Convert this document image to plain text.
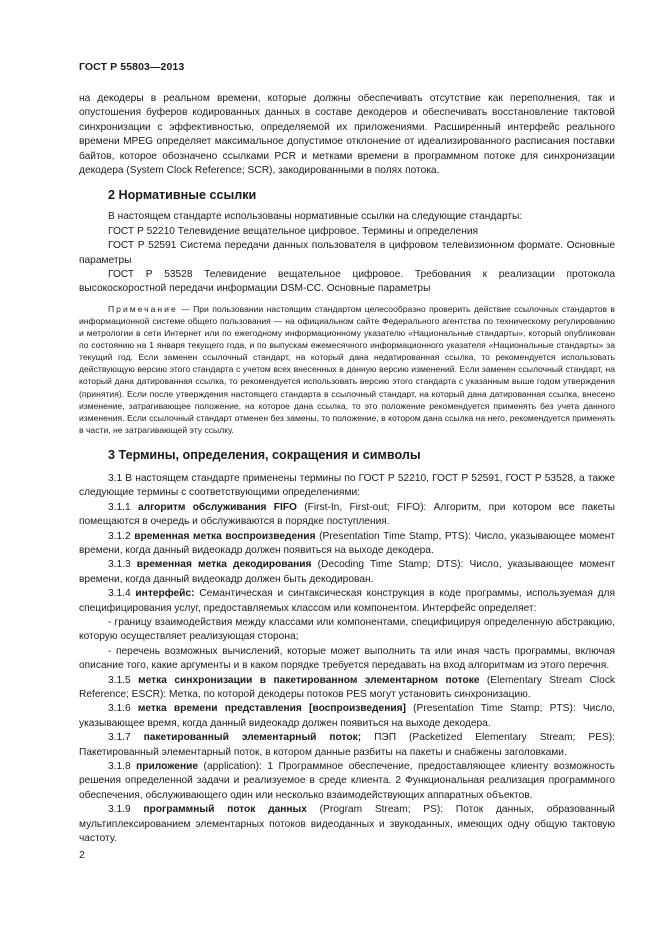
ГОСТ Р 55803—2013

на декодеры в реальном времени, которые должны обеспечивать отсутствие как переполнения, так и опустошения буферов кодированных данных в составе декодеров и обеспечивать восстановление тактовой синхронизации с эффективностью, определяемой их приложениями. Расширенный интерфейс реального времени MPEG определяет максимальное допустимое отклонение от идеализированного расписания поставки байтов, которое обозначено ссылками PCR и метками времени в программном потоке для синхронизации декодера (System Clock Reference; SCR), закодированными в полях потока.

2 Нормативные ссылки

В настоящем стандарте использованы нормативные ссылки на следующие стандарты:

ГОСТ Р 52210 Телевидение вещательное цифровое. Термины и определения

ГОСТ Р 52591 Система передачи данных пользователя в цифровом телевизионном формате. Основные параметры

ГОСТ Р 53528 Телевидение вещательное цифровое. Требования к реализации протокола высокоскоростной передачи информации DSM-CC. Основные параметры

Примечание — При пользовании настоящим стандартом целесообразно проверить действие ссылочных стандартов в информационной системе общего пользования — на официальном сайте Федерального агентства по техническому регулированию и метрологии в сети Интернет или по ежегодному информационному указателю «Национальные стандарты», который опубликован по состоянию на 1 января текущего года, и по выпускам ежемесячного информационного указателя «Национальные стандарты» за текущий год. Если заменен ссылочный стандарт, на который дана недатированная ссылка, то рекомендуется использовать действующую версию этого стандарта с учетом всех внесенных в данную версию изменений. Если заменен ссылочный стандарт, на который дана датированная ссылка, то рекомендуется использовать версию этого стандарта с указанным выше годом утверждения (принятия). Если после утверждения настоящего стандарта в ссылочный стандарт, на который дана датированная ссылка, внесено изменение, затрагивающее положение, на которое дана ссылка, то это положение рекомендуется применять без учета данного изменения. Если ссылочный стандарт отменен без замены, то положение, в котором дана ссылка на него, рекомендуется применять в части, не затрагивающей эту ссылку.

3 Термины, определения, сокращения и символы

3.1 В настоящем стандарте применены термины по ГОСТ Р 52210, ГОСТ Р 52591, ГОСТ Р 53528, а также следующие термины с соответствующими определениями:

3.1.1 алгоритм обслуживания FIFO (First-In, First-out; FIFO): Алгоритм, при котором все пакеты помещаются в очередь и обслуживаются в порядке поступления.

3.1.2 временная метка воспроизведения (Presentation Time Stamp, PTS): Число, указывающее момент времени, когда данный видеокадр должен появиться на выходе декодера.

3.1.3 временная метка декодирования (Decoding Time Stamp; DTS): Число, указывающее момент времени, когда данный видеокадр должен быть декодирован.

3.1.4 интерфейс: Семантическая и синтаксическая конструкция в коде программы, используемая для специфицирования услуг, предоставляемых классом или компонентом. Интерфейс определяет:

- границу взаимодействия между классами или компонентами, специфицируя определенную абстракцию, которую осуществляет реализующая сторона;

- перечень возможных вычислений, которые может выполнить та или иная часть программы, включая описание того, какие аргументы и в каком порядке требуется передавать на вход алгоритмам из этого перечня.

3.1.5 метка синхронизации в пакетированном элементарном потоке (Elementary Stream Clock Reference; ESCR): Метка, по которой декодеры потоков PES могут установить синхронизацию.

3.1.6 метка времени представления [воспроизведения] (Presentation Time Stamp; PTS): Число, указывающее время, когда данный видеокадр должен появиться на выходе декодера.

3.1.7 пакетированный элементарный поток; ПЭП (Packetized Elementary Stream; PES): Пакетированный элементарный поток, в котором данные разбиты на пакеты и снабжены заголовками.

3.1.8 приложение (application): 1 Программное обеспечение, предоставляющее клиенту возможность решения определенной задачи и реализуемое в среде клиента. 2 Функциональная реализация программного обеспечения, обслуживающего один или несколько взаимодействующих аппаратных объектов.

3.1.9 программный поток данных (Program Stream; PS): Поток данных, образованный мультиплексированием элементарных потоков видеоданных и звукоданных, имеющих одну общую тактовую частоту.

2
